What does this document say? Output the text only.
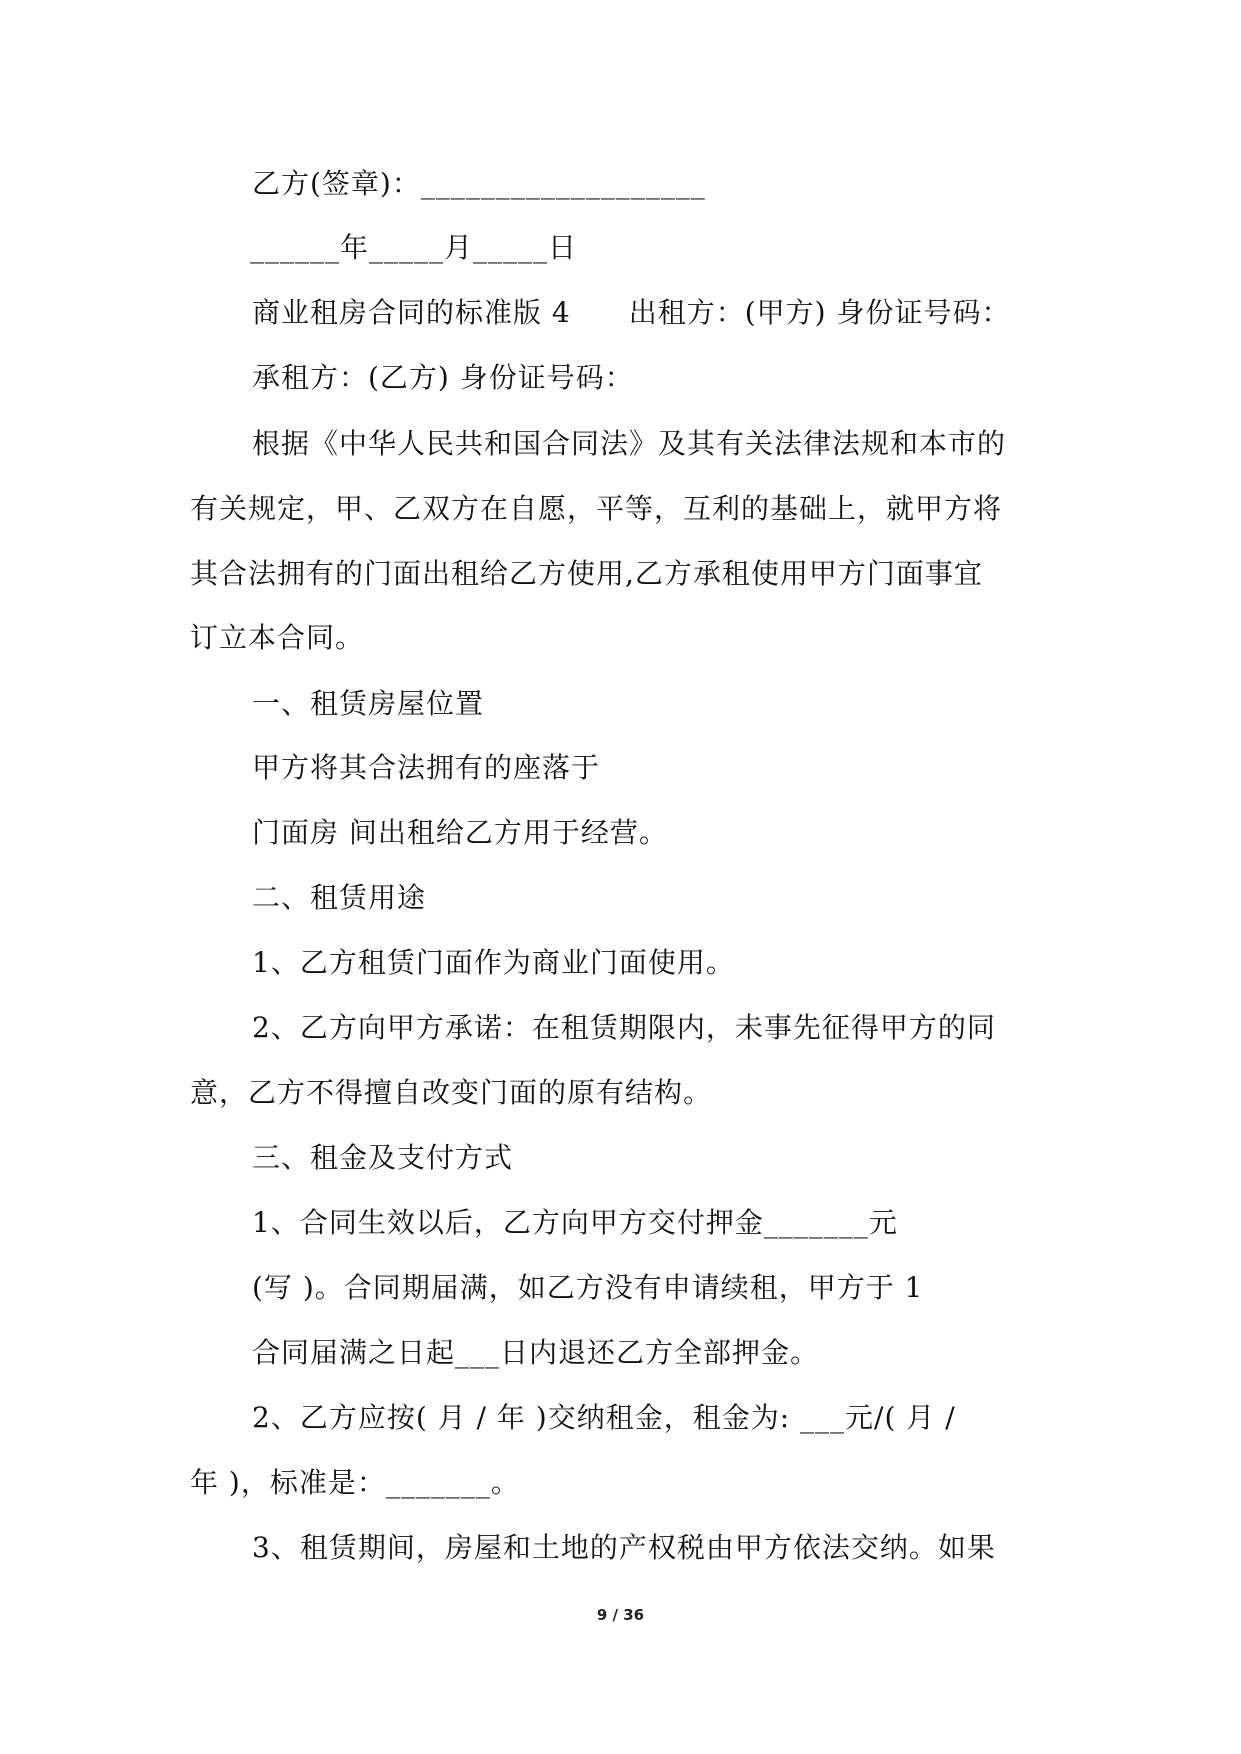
乙方(签章)：___________________
______年_____月_____日
商业租房合同的标准版 4　　出租方：(甲方) 身份证号码：
承租方：(乙方) 身份证号码：
根据《中华人民共和国合同法》及其有关法律法规和本市的
有关规定，甲、乙双方在自愿，平等，互利的基础上，就甲方将
其合法拥有的门面出租给乙方使用,乙方承租使用甲方门面事宜
订立本合同。
一、租赁房屋位置
甲方将其合法拥有的座落于
门面房 间出租给乙方用于经营。
二、租赁用途
1、乙方租赁门面作为商业门面使用。
2、乙方向甲方承诺：在租赁期限内，未事先征得甲方的同
意，乙方不得擅自改变门面的原有结构。
三、租金及支付方式
1、合同生效以后，乙方向甲方交付押金_______元
(写 )。合同期届满，如乙方没有申请续租，甲方于 1
合同届满之日起___日内退还乙方全部押金。
2、乙方应按( 月 / 年 )交纳租金，租金为: ___元/( 月 /
年 )，标准是：_______。
3、租赁期间，房屋和土地的产权税由甲方依法交纳。如果
9 / 36
